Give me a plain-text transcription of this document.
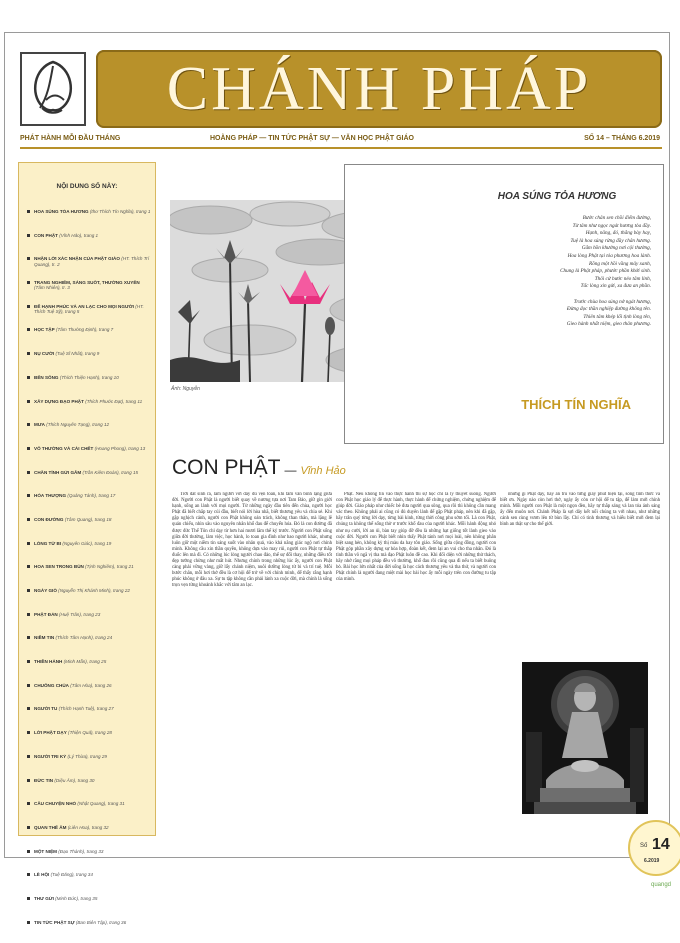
CHÁNH PHÁP
PHÁT HÀNH MỖI ĐẦU THÁNG	HOẰNG PHÁP — TIN TỨC PHẬT SỰ — VĂN HỌC PHẬT GIÁO	SỐ 14 – THÁNG 6.2019
NỘI DUNG SỐ NÀY:
HOA SÚNG TỎA HƯƠNG (thơ Thích Tín Nghĩa), trang 1
CON PHẬT (Vĩnh Hảo), trang 1
NHẬN LỜI XÁC NHẬN CỦA PHẬT GIÁO (HT. Thích Trí Quang), tr. 2
TRANG NGHIÊM, SÁNG SUỐT, THƯỜNG XUYÊN (Tâm Nhiên), tr. 3
ĐỂ HẠNH PHÚC VÀ AN LẠC CHO MỌI NGƯỜI (HT. Thích Tuệ Sỹ), trang 5
HỌC TẬP (Tâm Thường Định), trang 7
NỤ CƯỜI (Tuệ Sĩ Nhất), trang 9
BẾN SÔNG (Thích Thiện Hạnh), trang 10
XÂY DỰNG ĐẠO PHẬT (Thích Phước Đạt), trang 11
MƯA (Thích Nguyên Tạng), trang 12
VÔ THƯỜNG VÀ CÁI CHẾT (Hoang Phong), trang 13
CHÂN TÌNH GỬI GẮM (Trần Kiêm Đoàn), trang 15
HÒA THƯỢNG (Quảng Tánh), trang 17
CON ĐƯỜNG (Tâm Quang), trang 18
LÒNG TỪ BI (Nguyên Giác), trang 19
HOA SEN TRONG BÙN (Tịnh Nghiêm), trang 21
NGÀY GIỖ (Nguyễn Thị Khánh Minh), trang 22
PHẬT ĐẢN (Huệ Trân), trang 23
NIỀM TIN (Thích Tâm Hạnh), trang 24
THIỀN HÀNH (Minh Mẫn), trang 25
CHUÔNG CHÙA (Tâm Hòa), trang 26
NGƯỜI TU (Thích Hạnh Tuệ), trang 27
LỜI PHẬT DẠY (Thiện Quả), trang 28
NGƯỜI TRI KỶ (Lý Thừa), trang 29
ĐỨC TIN (Diệu Âm), trang 30
CÂU CHUYỆN NHỎ (Nhật Quang), trang 31
QUAN THẾ ÂM (Liên Hoa), trang 32
MỘT NIỆM (Đạo Thành), trang 33
LỄ HỘI (Tuệ Đăng), trang 34
THƯ GỬI (Minh Đức), trang 35
TIN TỨC PHẬT SỰ (Ban Biên Tập), trang 36
Ảnh: Nguyễn
HOA SÚNG TỎA HƯƠNG
Bước chân sen chồi điểm đường,
Từ tâm như ngọc ngát hương tỏa đầy.
Hạnh, năng, đó, thắng bày hay,
Tuệ là hoa súng rừng đầy chân hương.
Gắm hồn khướng nơi cội thường,
Hoa lòng Phật tại tỏa phương hoa lành.
Rồng một hồi vầng mây xanh,
Chung là Phật pháp, phước phần khởi sinh.
Thôi cứ bước nẻo tâm linh,
Tấc lòng xin gửi, xa đưa an phần.
Trước chùa hoa súng nở ngát hương,
Đừng đọc thần nghiệp đường không tên.
Thiên tâm khép lối tịnh lòng tên,
Gieo hành nhất niệm, gieo thân phương.
THÍCH TÍN NGHĨA
CON PHẬT — Vĩnh Hảo

Trời đất sinh ra, làm người với đầy đủ vẹn toàn, khi tâm vẫn bình lặng giữa đời. Người con Phật là người biết quay về nương tựa nơi Tam Bảo, giữ gìn giới hạnh, sống an lành với mọi người. Từ những ngày đầu tiên đến chùa, người học Phật đã biết chắp tay cúi đầu, biết nói lời hòa nhã, biết thương yêu và chia sẻ. Khi gặp nghịch cảnh, người con Phật không oán trách, không than thân, mà lặng lẽ quán chiếu, nhìn sâu vào nguyên nhân khổ đau để chuyển hóa. Đó là con đường đã được đức Thế Tôn chỉ dạy từ hơn hai mươi lăm thế kỷ trước. Người con Phật sống giữa đời thường, làm việc, học hành, lo toan gia đình như bao người khác, nhưng luôn giữ một niềm tin sáng suốt vào nhân quả, vào khả năng giác ngộ nơi chính mình. Không cầu xin thần quyền, không dựa vào may rủi, người con Phật tự thắp đuốc lên mà đi. Có những lúc lòng người chao đảo, thế sự đổi thay, những điều tốt đẹp tưởng chừng như mất hút. Nhưng chính trong những lúc ấy, người con Phật càng phải vững vàng, giữ lấy chánh niệm, nuôi dưỡng lòng từ bi và trí tuệ. Mỗi bước chân, mỗi hơi thở đều là cơ hội để trở về với chính mình, để thấy rằng hạnh phúc không ở đâu xa. Sự tu tập không cần phải lánh xa cuộc đời, mà chính là sống trọn vẹn từng khoảnh khắc với tâm an lạc.

Phật. Nếu không tin vào thực hành thì sự học chỉ là lý thuyết suông. Người con Phật học giáo lý để thực hành, thực hành để chứng nghiệm, chứng nghiệm để giúp đời. Giáo pháp như chiếc bè đưa người qua sông, qua rồi thì không cần mang vác theo. Không phải ai cũng có đủ duyên lành để gặp Phật pháp, nên khi đã gặp, hãy trân quý từng lời dạy, từng bài kinh, từng thời công phu sớm tối. Là con Phật, chúng ta không thể sống thờ ơ trước khổ đau của người khác. Mỗi hành động nhỏ như nụ cười, lời an ủi, bàn tay giúp đỡ đều là những hạt giống tốt lành gieo vào cuộc đời. Người con Phật biết nhìn thấy Phật tánh nơi mọi loài, nên không phân biệt sang hèn, không kỳ thị màu da hay tôn giáo. Sống giữa cộng đồng, người con Phật góp phần xây dựng sự hòa hợp, đoàn kết, đem lại an vui cho tha nhân. Đó là tinh thần vô ngã vị tha mà đạo Phật luôn đề cao. Khi đối diện với những thử thách, hãy nhớ rằng mọi pháp đều vô thường, khổ đau rồi cũng qua đi nếu ta biết buông bỏ. Bài học lớn nhất của đời sống là học cách thương yêu và tha thứ, và người con Phật chính là người đang miệt mài học bài học ấy mỗi ngày trên con đường tu tập của mình.

những gì Phật dạy, hãy an trú vào từng giây phút hiện tại, sống tỉnh thức và biết ơn. Ngày nào còn hơi thở, ngày ấy còn cơ hội để tu tập, để làm mới chính mình. Mỗi người con Phật là một ngọn đèn, hãy tự thắp sáng và lan tỏa ánh sáng ấy đến muôn nơi. Chánh Pháp là sợi dây kết nối chúng ta với nhau, như những cánh sen cùng vươn lên từ bùn lầy. Chỉ có tình thương và hiểu biết mới đem lại bình an thật sự cho thế giới.

Số 14
6.2019
quangd
